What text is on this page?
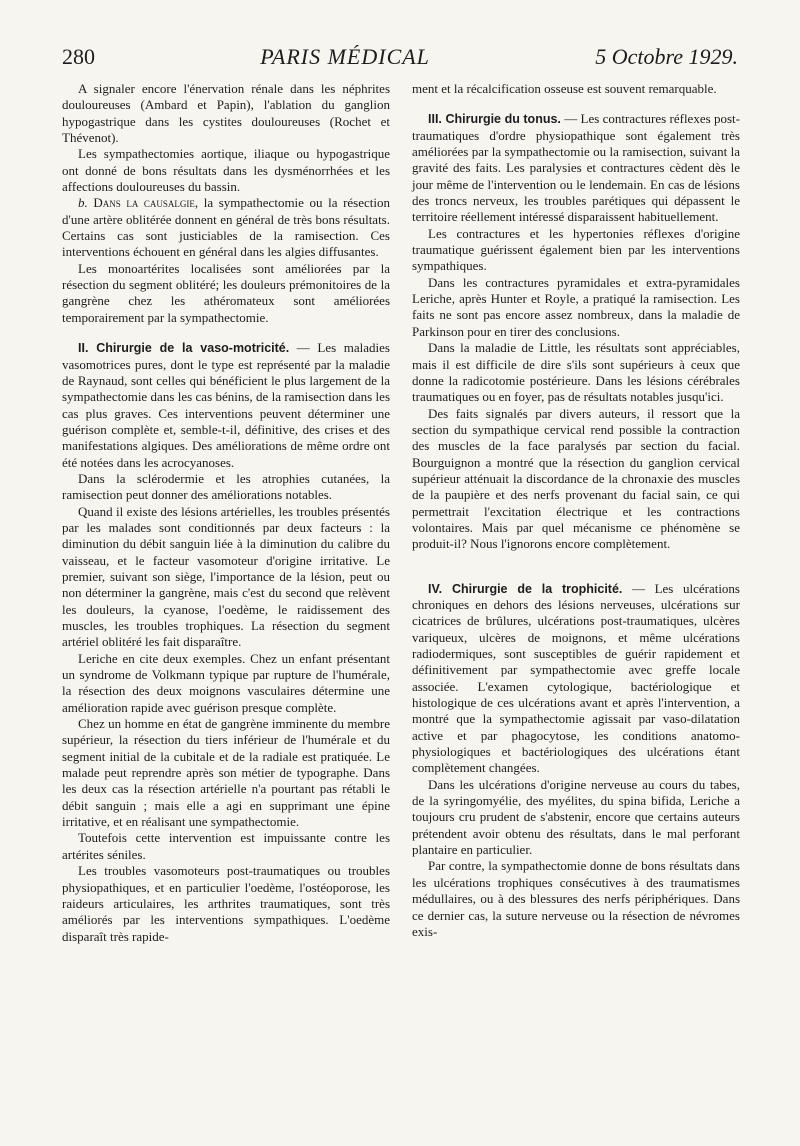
280	PARIS MÉDICAL	5 Octobre 1929.

A signaler encore l'énervation rénale dans les néphrites douloureuses (Ambard et Papin), l'ablation du ganglion hypogastrique dans les cystites douloureuses (Rochet et Thévenot).

Les sympathectomies aortique, iliaque ou hypogastrique ont donné de bons résultats dans les dysménorrhées et les affections douloureuses du bassin.

b. Dans la causalgie, la sympathectomie ou la résection d'une artère oblitérée donnent en général de très bons résultats. Certains cas sont justiciables de la ramisection. Ces interventions échouent en général dans les algies diffusantes.

Les monoartérites localisées sont améliorées par la résection du segment oblitéré; les douleurs prémonitoires de la gangrène chez les athéromateux sont améliorées temporairement par la sympathectomie.

II. Chirurgie de la vaso-motricité. — Les maladies vasomotrices pures, dont le type est représenté par la maladie de Raynaud, sont celles qui bénéficient le plus largement de la sympathectomie dans les cas bénins, de la ramisection dans les cas plus graves. Ces interventions peuvent déterminer une guérison complète et, semble-t-il, définitive, des crises et des manifestations algiques. Des améliorations de même ordre ont été notées dans les acrocyanoses.

Dans la sclérodermie et les atrophies cutanées, la ramisection peut donner des améliorations notables.

Quand il existe des lésions artérielles, les troubles présentés par les malades sont conditionnés par deux facteurs : la diminution du débit sanguin liée à la diminution du calibre du vaisseau, et le facteur vasomoteur d'origine irritative. Le premier, suivant son siège, l'importance de la lésion, peut ou non déterminer la gangrène, mais c'est du second que relèvent les douleurs, la cyanose, l'oedème, le raidissement des muscles, les troubles trophiques. La résection du segment artériel oblitéré les fait disparaître.

Leriche en cite deux exemples. Chez un enfant présentant un syndrome de Volkmann typique par rupture de l'humérale, la résection des deux moignons vasculaires détermine une amélioration rapide avec guérison presque complète.

Chez un homme en état de gangrène imminente du membre supérieur, la résection du tiers inférieur de l'humérale et du segment initial de la cubitale et de la radiale est pratiquée. Le malade peut reprendre après son métier de typographe. Dans les deux cas la résection artérielle n'a pourtant pas rétabli le débit sanguin ; mais elle a agi en supprimant une épine irritative, et en réalisant une sympathectomie.

Toutefois cette intervention est impuissante contre les artérites séniles.

Les troubles vasomoteurs post-traumatiques ou troubles physiopathiques, et en particulier l'oedème, l'ostéoporose, les raideurs articulaires, les arthrites traumatiques, sont très améliorés par les interventions sympathiques. L'oedème disparaît très rapide-

ment et la récalcification osseuse est souvent remarquable.

III. Chirurgie du tonus. — Les contractures réflexes post-traumatiques d'ordre physiopathique sont également très améliorées par la sympathectomie ou la ramisection, suivant la gravité des faits. Les paralysies et contractures cèdent dès le jour même de l'intervention ou le lendemain. En cas de lésions des troncs nerveux, les troubles parétiques qui dépassent le territoire réellement intéressé disparaissent habituellement.

Les contractures et les hypertonies réflexes d'origine traumatique guérissent également bien par les interventions sympathiques.

Dans les contractures pyramidales et extra-pyramidales Leriche, après Hunter et Royle, a pratiqué la ramisection. Les faits ne sont pas encore assez nombreux, dans la maladie de Parkinson pour en tirer des conclusions.

Dans la maladie de Little, les résultats sont appréciables, mais il est difficile de dire s'ils sont supérieurs à ceux que donne la radicotomie postérieure. Dans les lésions cérébrales traumatiques ou en foyer, pas de résultats notables jusqu'ici.

Des faits signalés par divers auteurs, il ressort que la section du sympathique cervical rend possible la contraction des muscles de la face paralysés par section du facial. Bourguignon a montré que la résection du ganglion cervical supérieur atténuait la discordance de la chronaxie des muscles de la paupière et des nerfs provenant du facial sain, ce qui permettrait l'excitation électrique et les contractions volontaires. Mais par quel mécanisme ce phénomène se produit-il? Nous l'ignorons encore complètement.

IV. Chirurgie de la trophicité. — Les ulcérations chroniques en dehors des lésions nerveuses, ulcérations sur cicatrices de brûlures, ulcérations post-traumatiques, ulcères variqueux, ulcères de moignons, et même ulcérations radiodermiques, sont susceptibles de guérir rapidement et définitivement par sympathectomie avec greffe locale associée. L'examen cytologique, bactériologique et histologique de ces ulcérations avant et après l'intervention, a montré que la sympathectomie agissait par vaso-dilatation active et par phagocytose, les conditions anatomo-physiologiques et bactériologiques des ulcérations étant complètement changées.

Dans les ulcérations d'origine nerveuse au cours du tabes, de la syringomyélie, des myélites, du spina bifida, Leriche a toujours cru prudent de s'abstenir, encore que certains auteurs prétendent avoir obtenu des résultats, dans le mal perforant plantaire en particulier.

Par contre, la sympathectomie donne de bons résultats dans les ulcérations trophiques consécutives à des traumatismes médullaires, ou à des blessures des nerfs périphériques. Dans ce dernier cas, la suture nerveuse ou la résection de névromes exis-
